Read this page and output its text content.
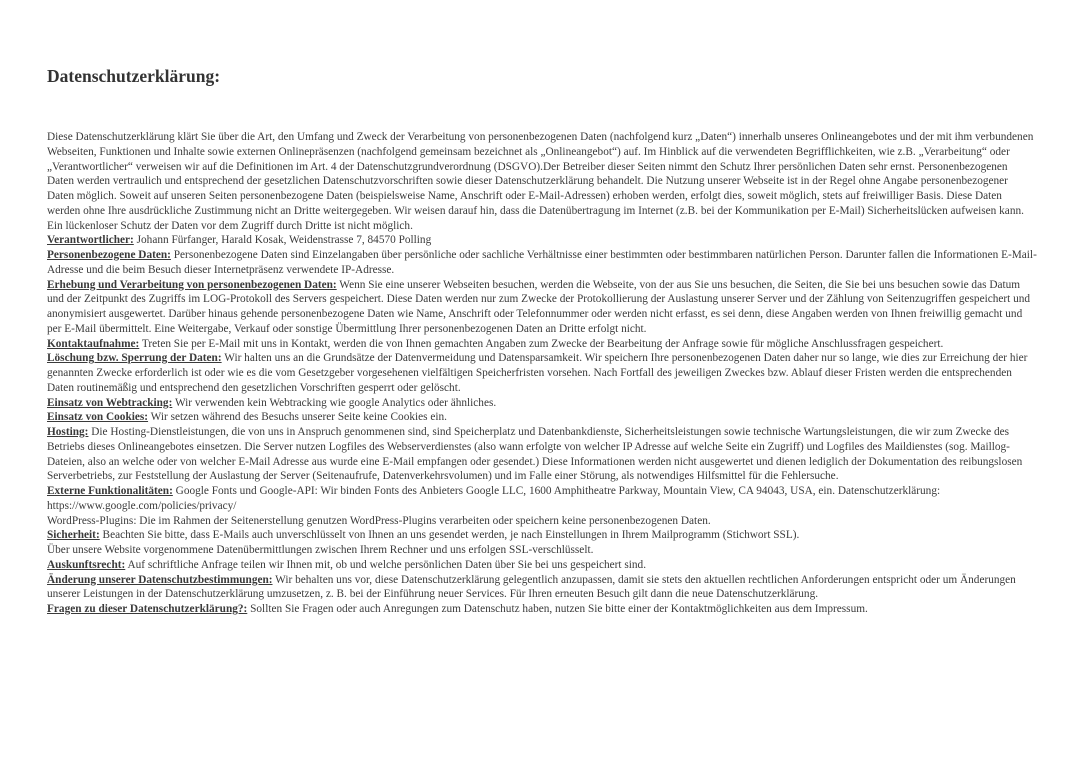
Datenschutzerklärung:

Diese Datenschutzerklärung klärt Sie über die Art, den Umfang und Zweck der Verarbeitung von personenbezogenen Daten (nachfolgend kurz „Daten“) innerhalb unseres Onlineangebotes und der mit ihm verbundenen Webseiten, Funktionen und Inhalte sowie externen Onlinepräsenzen (nachfolgend gemeinsam bezeichnet als „Onlineangebot“) auf. Im Hinblick auf die verwendeten Begrifflichkeiten, wie z.B. „Verarbeitung“ oder „Verantwortlicher“ verweisen wir auf die Definitionen im Art. 4 der Datenschutzgrundverordnung (DSGVO).Der Betreiber dieser Seiten nimmt den Schutz Ihrer persönlichen Daten sehr ernst. Personenbezogenen Daten werden vertraulich und entsprechend der gesetzlichen Datenschutzvorschriften sowie dieser Datenschutzerklärung behandelt. Die Nutzung unserer Webseite ist in der Regel ohne Angabe personenbezogener Daten möglich. Soweit auf unseren Seiten personenbezogene Daten (beispielsweise Name, Anschrift oder E-Mail-Adressen) erhoben werden, erfolgt dies, soweit möglich, stets auf freiwilliger Basis. Diese Daten werden ohne Ihre ausdrückliche Zustimmung nicht an Dritte weitergegeben. Wir weisen darauf hin, dass die Datenübertragung im Internet (z.B. bei der Kommunikation per E-Mail) Sicherheitslücken aufweisen kann. Ein lückenloser Schutz der Daten vor dem Zugriff durch Dritte ist nicht möglich.

Verantwortlicher: Johann Fürfanger, Harald Kosak, Weidenstrasse 7, 84570 Polling

Personenbezogene Daten: Personenbezogene Daten sind Einzelangaben über persönliche oder sachliche Verhältnisse einer bestimmten oder bestimmbaren natürlichen Person. Darunter fallen die Informationen E-Mail-Adresse und die beim Besuch dieser Internetpräsenz verwendete IP-Adresse.

Erhebung und Verarbeitung von personenbezogenen Daten: Wenn Sie eine unserer Webseiten besuchen, werden die Webseite, von der aus Sie uns besuchen, die Seiten, die Sie bei uns besuchen sowie das Datum und der Zeitpunkt des Zugriffs im LOG-Protokoll des Servers gespeichert. Diese Daten werden nur zum Zwecke der Protokollierung der Auslastung unserer Server und der Zählung von Seitenzugriffen gespeichert und anonymisiert ausgewertet. Darüber hinaus gehende personenbezogene Daten wie Name, Anschrift oder Telefonnummer oder werden nicht erfasst, es sei denn, diese Angaben werden von Ihnen freiwillig gemacht und per E-Mail übermittelt. Eine Weitergabe, Verkauf oder sonstige Übermittlung Ihrer personenbezogenen Daten an Dritte erfolgt nicht.

Kontaktaufnahme: Treten Sie per E-Mail mit uns in Kontakt, werden die von Ihnen gemachten Angaben zum Zwecke der Bearbeitung der Anfrage sowie für mögliche Anschlussfragen gespeichert.

Löschung bzw. Sperrung der Daten: Wir halten uns an die Grundsätze der Datenvermeidung und Datensparsamkeit. Wir speichern Ihre personenbezogenen Daten daher nur so lange, wie dies zur Erreichung der hier genannten Zwecke erforderlich ist oder wie es die vom Gesetzgeber vorgesehenen vielfältigen Speicherfristen vorsehen. Nach Fortfall des jeweiligen Zweckes bzw. Ablauf dieser Fristen werden die entsprechenden Daten routinemäßig und entsprechend den gesetzlichen Vorschriften gesperrt oder gelöscht.

Einsatz von Webtracking: Wir verwenden kein Webtracking wie google Analytics oder ähnliches.

Einsatz von Cookies: Wir setzen während des Besuchs unserer Seite keine Cookies ein.

Hosting: Die Hosting-Dienstleistungen, die von uns in Anspruch genommenen sind, sind Speicherplatz und Datenbankdienste, Sicherheitsleistungen sowie technische Wartungsleistungen, die wir zum Zwecke des Betriebs dieses Onlineangebotes einsetzen. Die Server nutzen Logfiles des Webserverdienstes (also wann erfolgte von welcher IP Adresse auf welche Seite ein Zugriff) und Logfiles des Maildienstes (sog. Maillog-Dateien, also an welche oder von welcher E-Mail Adresse aus wurde eine E-Mail empfangen oder gesendet.) Diese Informationen werden nicht ausgewertet und dienen lediglich der Dokumentation des reibungslosen Serverbetriebs, zur Feststellung der Auslastung der Server (Seitenaufrufe, Datenverkehrsvolumen) und im Falle einer Störung, als notwendiges Hilfsmittel für die Fehlersuche.

Externe Funktionalitäten: Google Fonts und Google-API: Wir binden Fonts des Anbieters Google LLC, 1600 Amphitheatre Parkway, Mountain View, CA 94043, USA, ein. Datenschutzerklärung: https://www.google.com/policies/privacy/

WordPress-Plugins: Die im Rahmen der Seitenerstellung genutzen WordPress-Plugins verarbeiten oder speichern keine personenbezogenen Daten.

Sicherheit: Beachten Sie bitte, dass E-Mails auch unverschlüsselt von Ihnen an uns gesendet werden, je nach Einstellungen in Ihrem Mailprogramm (Stichwort SSL).

Über unsere Website vorgenommene Datenübermittlungen zwischen Ihrem Rechner und uns erfolgen SSL-verschlüsselt.

Auskunftsrecht: Auf schriftliche Anfrage teilen wir Ihnen mit, ob und welche persönlichen Daten über Sie bei uns gespeichert sind.

Änderung unserer Datenschutzbestimmungen: Wir behalten uns vor, diese Datenschutzerklärung gelegentlich anzupassen, damit sie stets den aktuellen rechtlichen Anforderungen entspricht oder um Änderungen unserer Leistungen in der Datenschutzerklärung umzusetzen, z. B. bei der Einführung neuer Services. Für Ihren erneuten Besuch gilt dann die neue Datenschutzerklärung.

Fragen zu dieser Datenschutzerklärung?: Sollten Sie Fragen oder auch Anregungen zum Datenschutz haben, nutzen Sie bitte einer der Kontaktmöglichkeiten aus dem Impressum.
